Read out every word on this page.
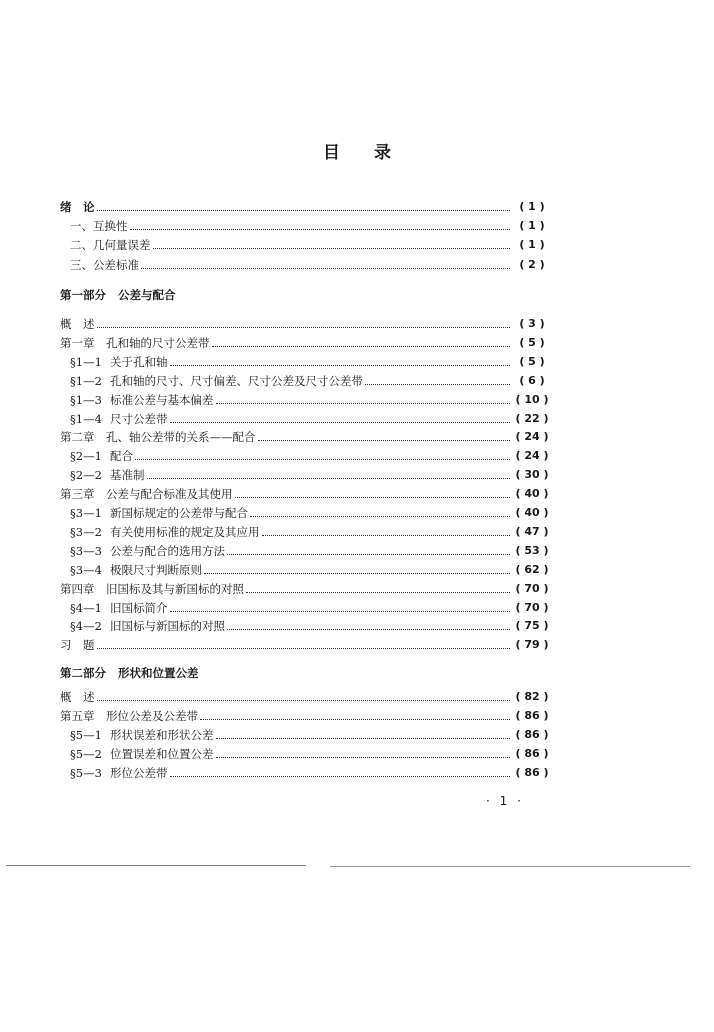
目 录
绪　论	( 1 )
一、互换性	( 1 )
二、几何量误差	( 1 )
三、公差标准	( 2 )
第一部分 公差与配合
概　述	( 3 )
第一章　孔和轴的尺寸公差带	( 5 )
§1—1 关于孔和轴	( 5 )
§1—2 孔和轴的尺寸、尺寸偏差、尺寸公差及尺寸公差带	( 6 )
§1—3 标准公差与基本偏差	( 10 )
§1—4 尺寸公差带	( 22 )
第二章　孔、轴公差带的关系——配合	( 24 )
§2—1 配合	( 24 )
§2—2 基准制	( 30 )
第三章　公差与配合标准及其使用	( 40 )
§3—1 新国标规定的公差带与配合	( 40 )
§3—2 有关使用标准的规定及其应用	( 47 )
§3—3 公差与配合的选用方法	( 53 )
§3—4 极限尺寸判断原则	( 62 )
第四章　旧国标及其与新国标的对照	( 70 )
§4—1 旧国标简介	( 70 )
§4—2 旧国标与新国标的对照	( 75 )
习　题	( 79 )
第二部分 形状和位置公差
概　述	( 82 )
第五章　形位公差及公差带	( 86 )
§5—1 形状误差和形状公差	( 86 )
§5—2 位置误差和位置公差	( 86 )
§5—3 形位公差带	( 86 )
· 1 ·
